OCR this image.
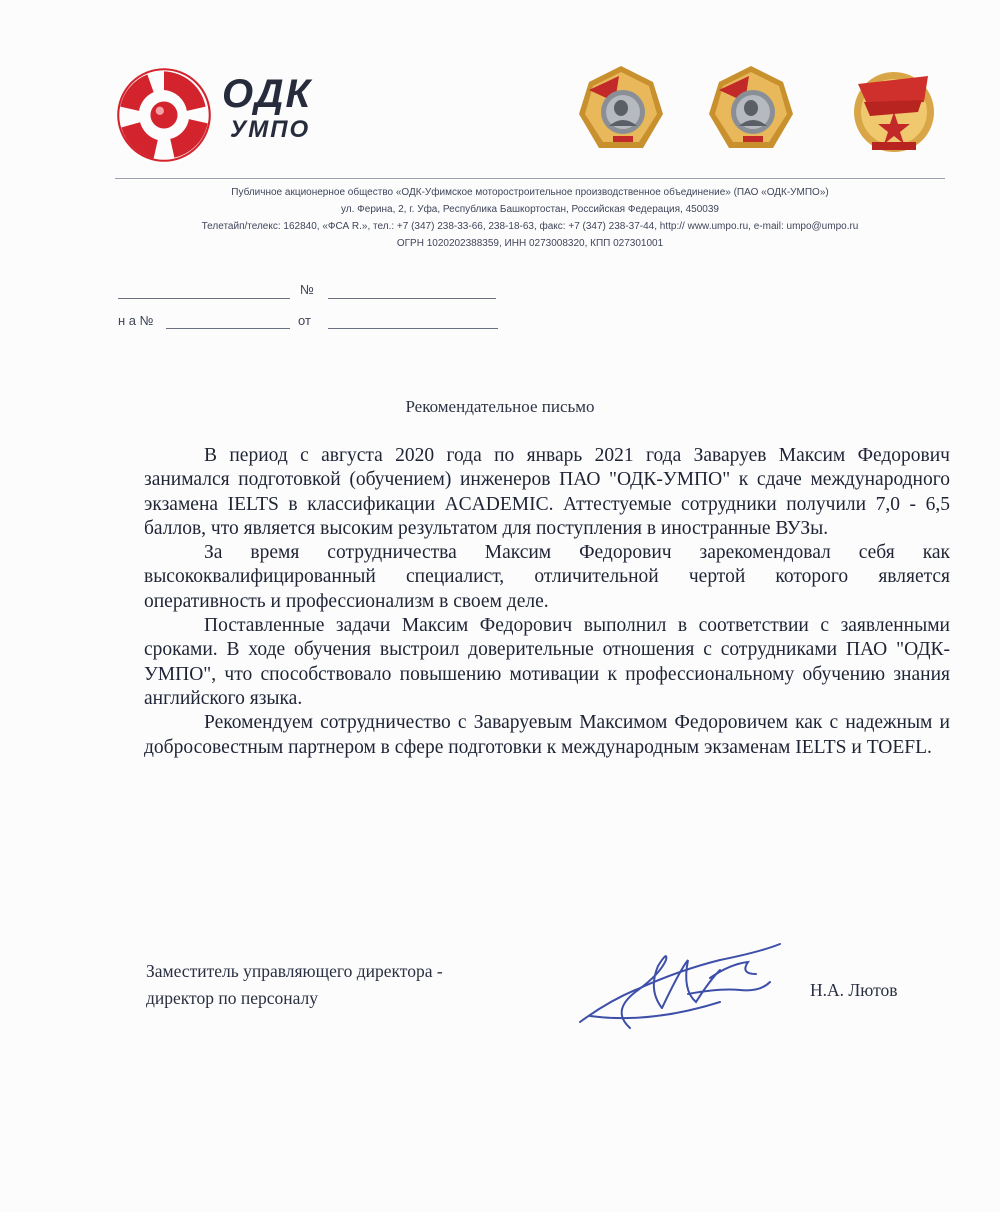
ОДК
УМПО
Публичное акционерное общество «ОДК-Уфимское моторостроительное производственное объединение» (ПАО «ОДК-УМПО»)
ул. Ферина, 2, г. Уфа, Республика Башкортостан, Российская Федерация, 450039
Телетайп/телекс: 162840, «ФСА R.», тел.: +7 (347) 238-33-66, 238-18-63, факс: +7 (347) 238-37-44, http:// www.umpo.ru, e-mail: umpo@umpo.ru
ОГРН 1020202388359, ИНН 0273008320, КПП 027301001
№
н а №	от
Рекомендательное письмо

В период с августа 2020 года по январь 2021 года Заваруев Максим Федорович занимался подготовкой (обучением) инженеров ПАО "ОДК-УМПО" к сдаче международного экзамена IELTS в классификации ACADEMIC. Аттестуемые сотрудники получили 7,0 - 6,5 баллов, что является высоким результатом для поступления в иностранные ВУЗы.

За время сотрудничества Максим Федорович зарекомендовал себя как высококвалифицированный специалист, отличительной чертой которого является оперативность и профессионализм в своем деле.

Поставленные задачи Максим Федорович выполнил в соответствии с заявленными сроками. В ходе обучения выстроил доверительные отношения с сотрудниками ПАО "ОДК-УМПО", что способствовало повышению мотивации к профессиональному обучению знания английского языка.

Рекомендуем сотрудничество с Заваруевым Максимом Федоровичем как с надежным и добросовестным партнером в сфере подготовки к международным экзаменам IELTS и TOEFL.

Заместитель управляющего директора -
директор по персоналу	Н.А. Лютов
